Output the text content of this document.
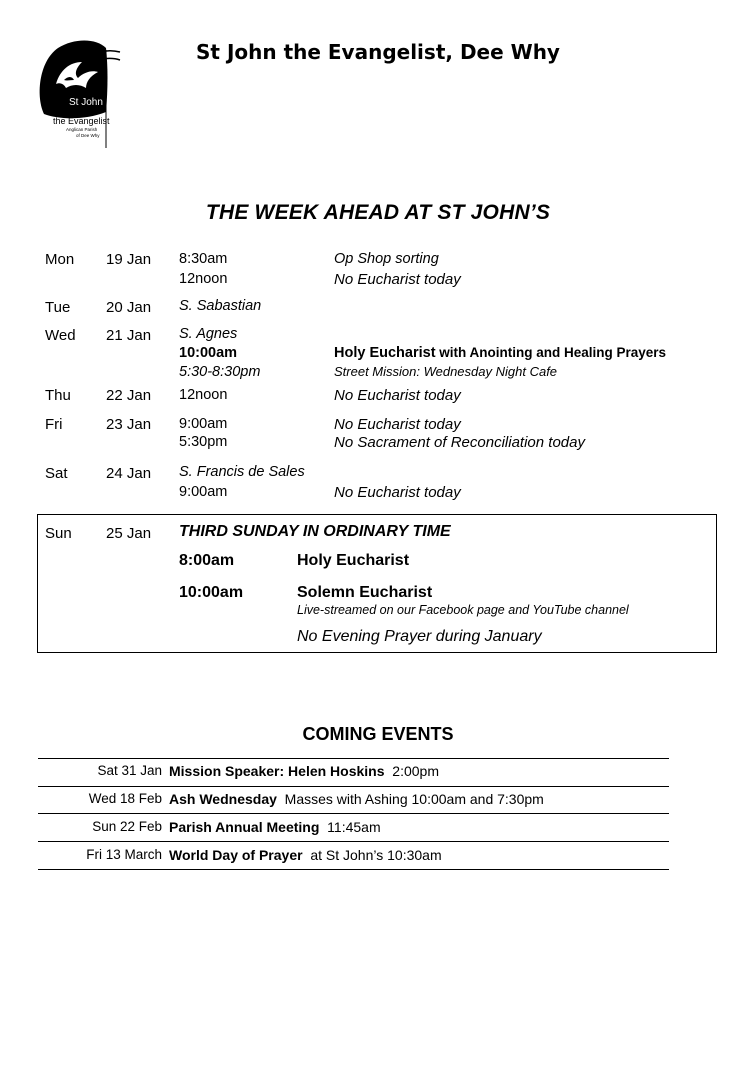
St John
the Evangelist
Anglican Parish
of Dee Why
St John the Evangelist, Dee Why
THE WEEK AHEAD AT ST JOHN’S
Mon 19 Jan 8:30am	Op Shop sorting
12noon	No Eucharist today
Tue 20 Jan S. Sabastian
Wed 21 Jan S. Agnes
10:00am	Holy Eucharist with Anointing and Healing Prayers
5:30-8:30pm	Street Mission: Wednesday Night Cafe
Thu 22 Jan 12noon	No Eucharist today
Fri	23 Jan 9:00am	No Eucharist today
5:30pm	No Sacrament of Reconciliation today
Sat	24 Jan S. Francis de Sales
9:00am	No Eucharist today
Sun 25 Jan THIRD SUNDAY IN ORDINARY TIME
8:00am	Holy Eucharist
10:00am	Solemn Eucharist
Live-streamed on our Facebook page and YouTube channel
No Evening Prayer during January
COMING EVENTS
Sat 31 Jan Mission Speaker: Helen Hoskins  2:00pm
Wed 18 Feb Ash Wednesday  Masses with Ashing 10:00am and 7:30pm
Sun 22 Feb Parish Annual Meeting  11:45am
Fri 13 March World Day of Prayer  at St John’s 10:30am
